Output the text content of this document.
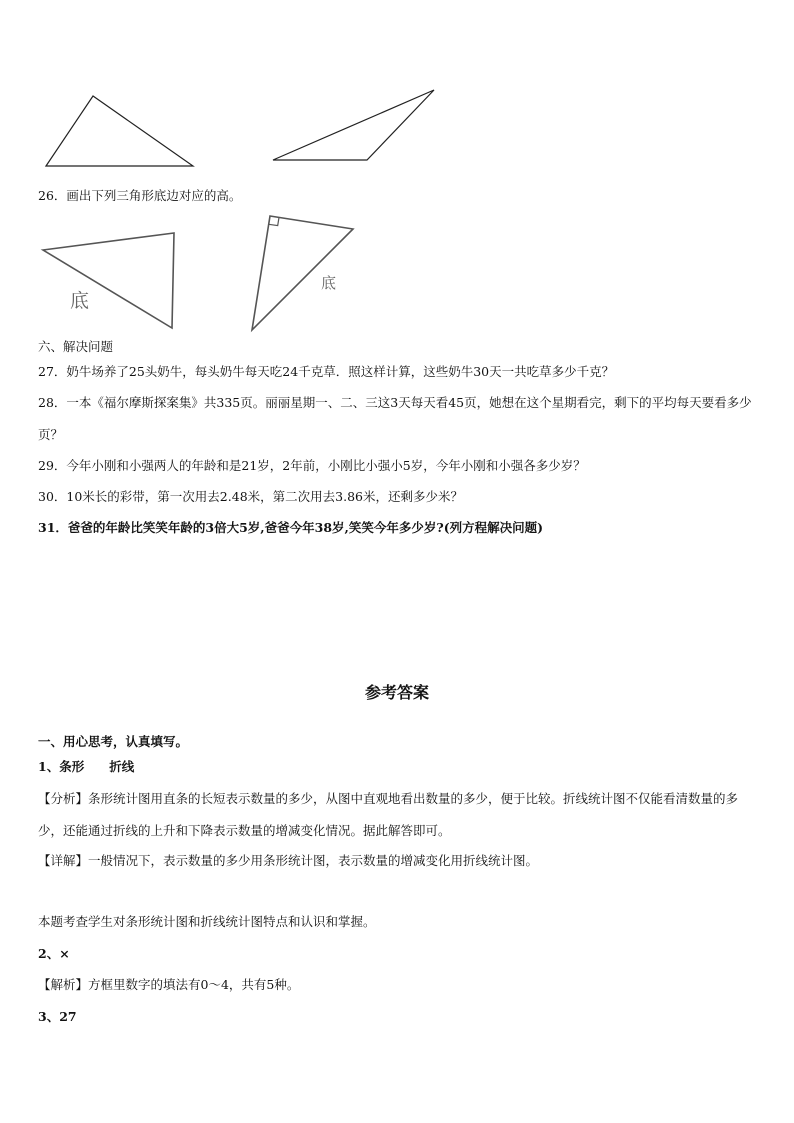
底
底
26．画出下列三角形底边对应的高。
六、解决问题
27．奶牛场养了25头奶牛，每头奶牛每天吃24千克草．照这样计算，这些奶牛30天一共吃草多少千克？
28．一本《福尔摩斯探案集》共335页。丽丽星期一、二、三这3天每天看45页，她想在这个星期看完，剩下的平均每天要看多少页？
29．今年小刚和小强两人的年龄和是21岁，2年前，小刚比小强小5岁，今年小刚和小强各多少岁？
30．10米长的彩带，第一次用去2.48米，第二次用去3.86米，还剩多少米？
31．爸爸的年龄比笑笑年龄的3倍大5岁,爸爸今年38岁,笑笑今年多少岁?(列方程解决问题)
参考答案
一、用心思考，认真填写。
1、条形　　折线
【分析】条形统计图用直条的长短表示数量的多少，从图中直观地看出数量的多少，便于比较。折线统计图不仅能看清数量的多少，还能通过折线的上升和下降表示数量的增减变化情况。据此解答即可。
【详解】一般情况下，表示数量的多少用条形统计图，表示数量的增减变化用折线统计图。
本题考查学生对条形统计图和折线统计图特点和认识和掌握。
2、×
【解析】方框里数字的填法有0～4，共有5种。
3、27
